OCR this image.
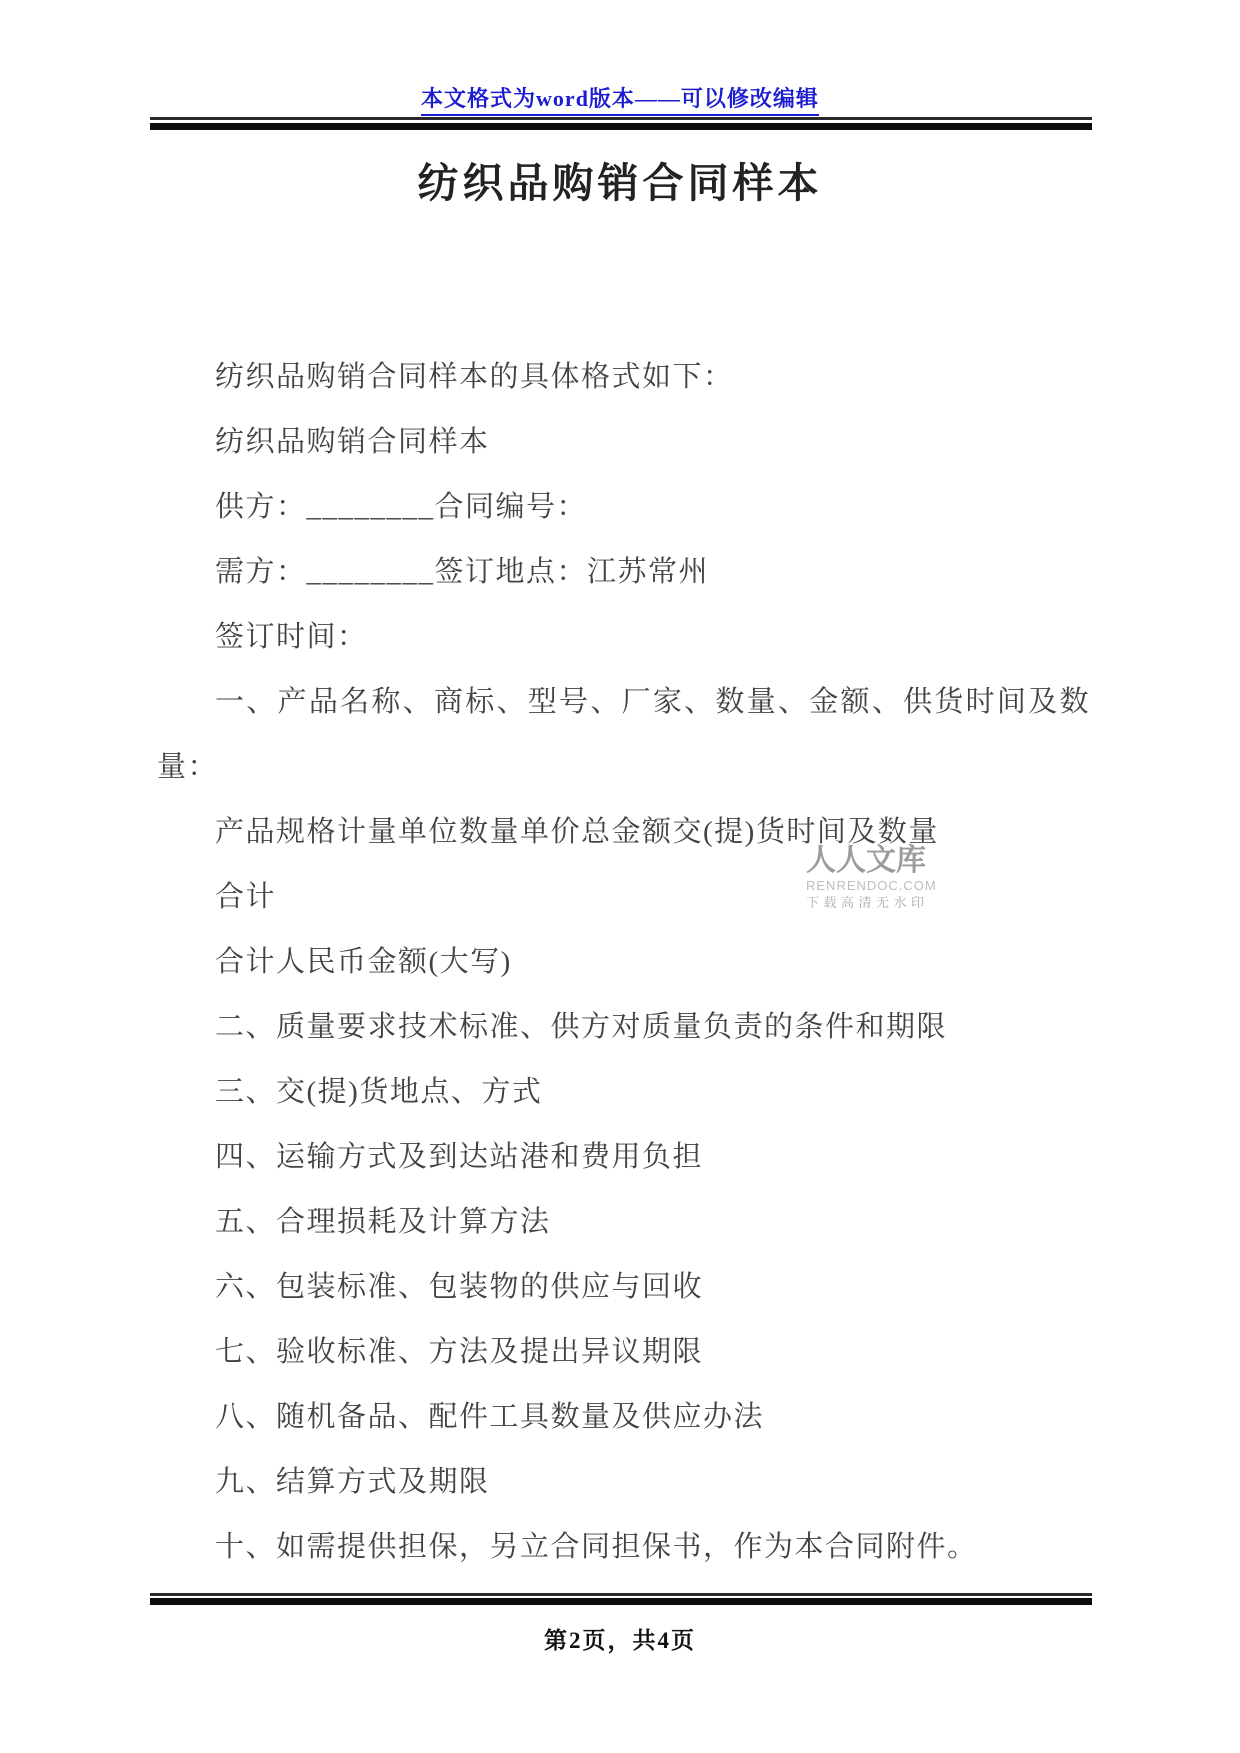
本文格式为word版本——可以修改编辑
纺织品购销合同样本
纺织品购销合同样本的具体格式如下：
纺织品购销合同样本
供方：________合同编号：
需方：________签订地点：江苏常州
签订时间：
一、产品名称、商标、型号、厂家、数量、金额、供货时间及数
量：
产品规格计量单位数量单价总金额交(提)货时间及数量
合计
合计人民币金额(大写)
二、质量要求技术标准、供方对质量负责的条件和期限
三、交(提)货地点、方式
四、运输方式及到达站港和费用负担
五、合理损耗及计算方法
六、包装标准、包装物的供应与回收
七、验收标准、方法及提出异议期限
八、随机备品、配件工具数量及供应办法
九、结算方式及期限
十、如需提供担保，另立合同担保书，作为本合同附件。
人人文库
RENRENDOC.COM
下载高清无水印
第2页，共4页
